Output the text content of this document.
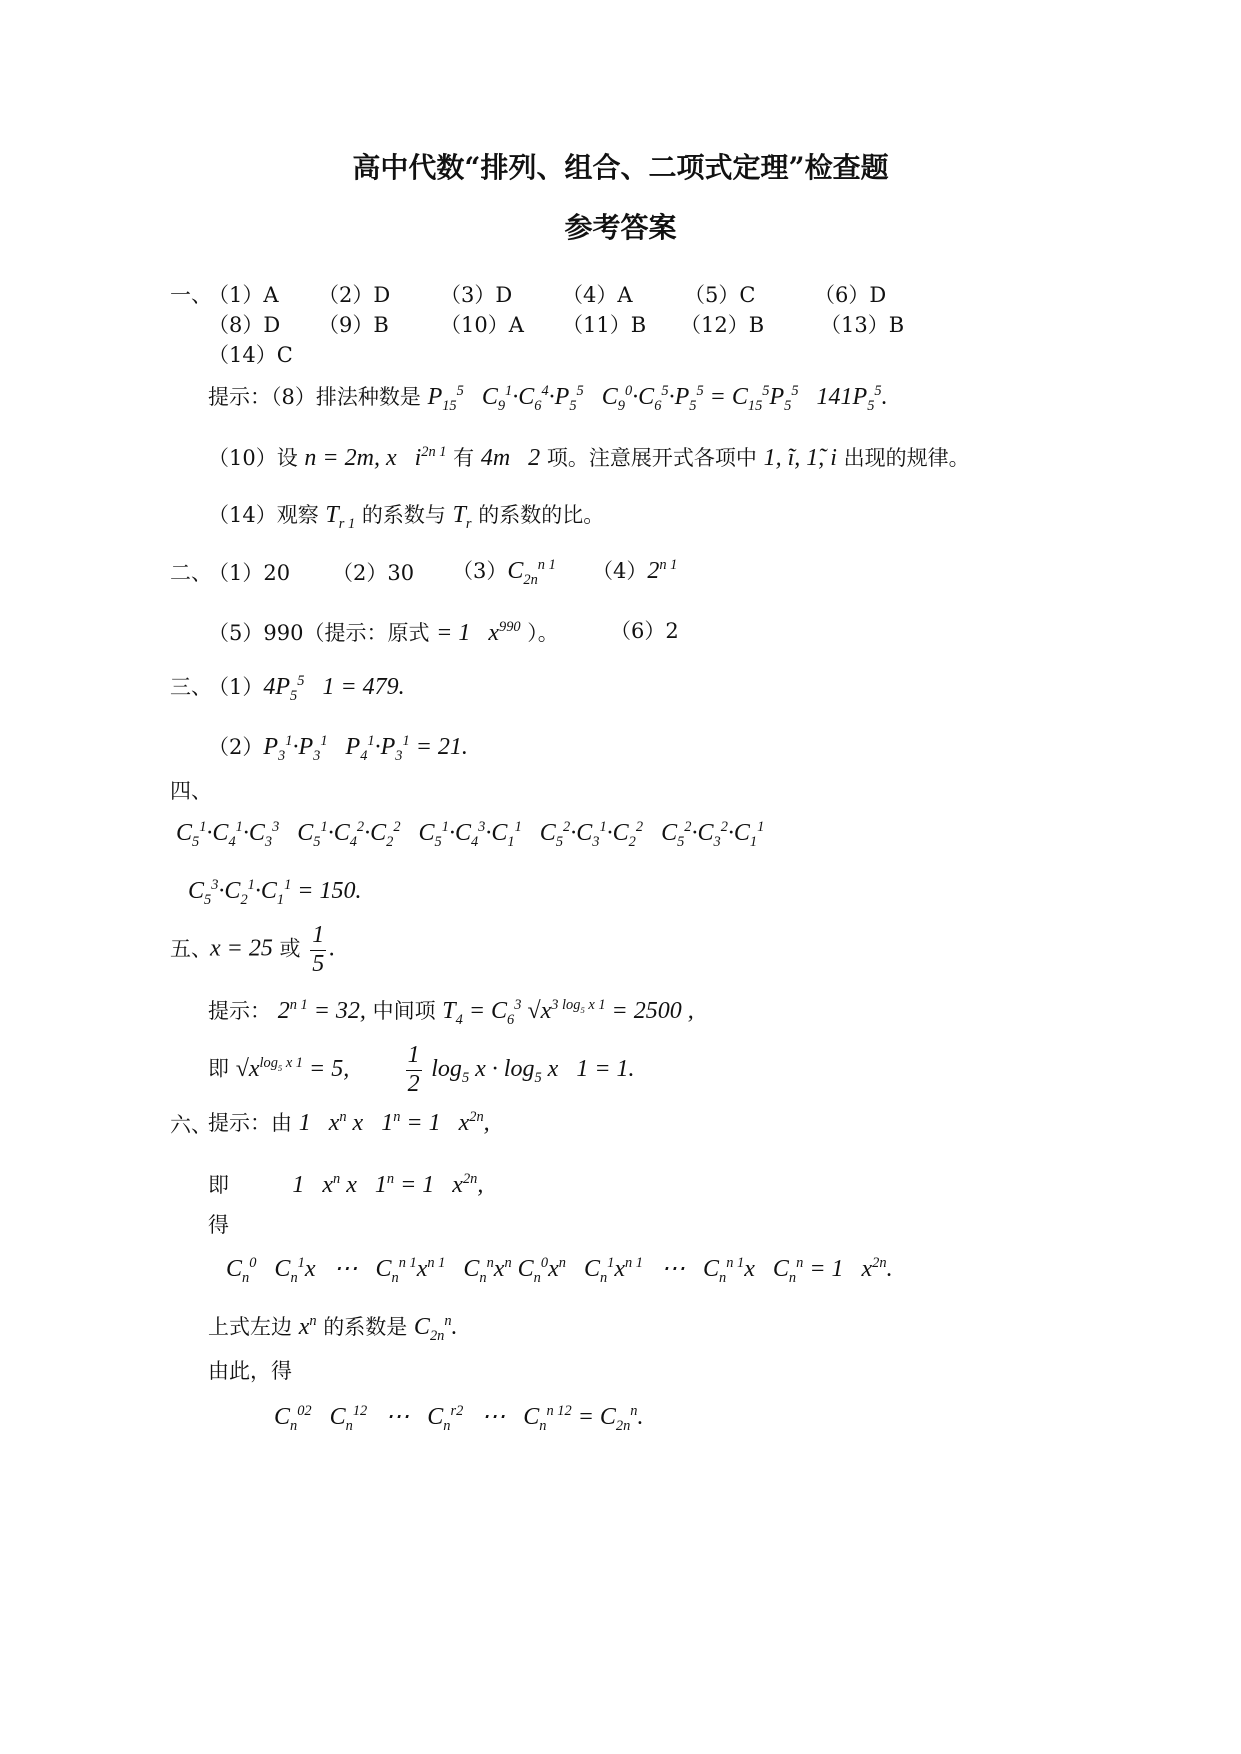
高中代数“排列、组合、二项式定理”检查题
参考答案
一、
（1）A （2）D （3）D （4）A （5）C	（6）D
（8）D （9）B （10）A （11）B （12）B	（13）B
（14）C
提示：（8）排法种数是 $P_{15}^5$   $C_9^1\cdot C_6^4\cdot P_5^5$   $C_9^0\cdot C_6^5\cdot P_5^5 = C_{15}^5P_5^5$   $141P_5^5$.
（10）设 n = 2m, x   $i^{2n 1}$ 有 4m   2 项。注意展开式各项中 1, ĩ, 1̃, i 出现的规律。
（14）观察 $T_{r 1}$ 的系数与 $T_r$ 的系数的比。
二、
（1）20 （2）30 $(3)C_{2n}^{n 1}$ $(4)2^{n 1}$
（5）990（提示：原式 = 1   $x^{990}$ ）。 （6）2
三、
$(1)4P_5^5$   1 = 479.
$(2)P_3^1\cdot P_3^1$   $P_4^1\cdot P_3^1 = 21$.
四、
$C_5^1\cdot C_4^1\cdot C_3^3$   $C_5^1\cdot C_4^2\cdot C_2^2$   $C_5^1\cdot C_4^3\cdot C_1^1$   $C_5^2\cdot C_3^1\cdot C_2^2$   $C_5^2\cdot C_3^2\cdot C_1^1$
$C_5^3\cdot C_2^1\cdot C_1^1 = 150$.
五、
x = 25 或 $\frac{1}{5}$ .
提示： $2^{n 1} = 32$, 中间项 $T_4 = C_6^3$ $√x^{3 log_5 x 1} = 2500$ ,
即 $√x^{log_5 x 1} = 5$, $\frac{1}{2} \log_5 x \cdot \log_5 x$   1 = 1.
六、
提示：由 1   $x^n$ x   $1^n = 1$   $x^{2n}$,
即	1   $x^n$ x   $1^n = 1$   $x^{2n}$,
得
$C_n^0$   $C_n^1x$   ⋯   $C_n^{n 1}x^{n 1}$   $C_n^nx^n$ $C_n^0x^n$   $C_n^1x^{n 1}$   ⋯   $C_n^{n 1}x$   $C_n^n = 1$   $x^{2n}$.
上式左边 $x^n$ 的系数是 $C_{2n}^n$.
由此，得
$C_n^{02}$   $C_n^{12}$   ⋯   $C_n^{r2}$   ⋯   $C_n^{n 12} = C_{2n}^n$.
